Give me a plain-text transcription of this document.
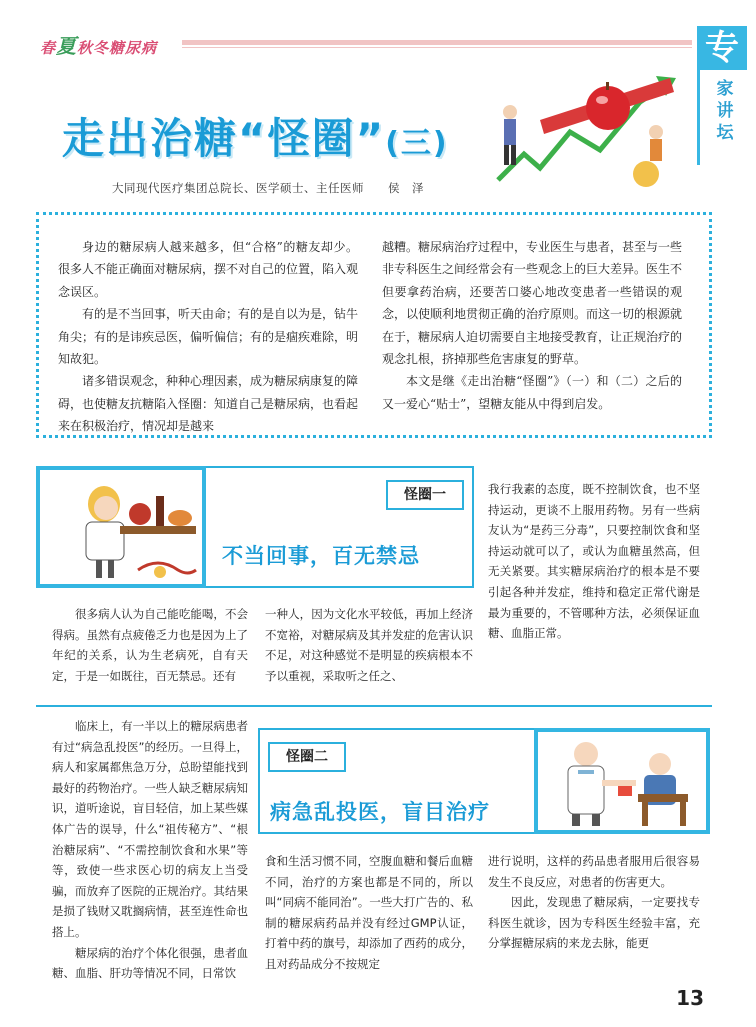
春夏秋冬糖尿病	专
家讲坛
走出治糖“怪圈”(三)
大同现代医疗集团总院长、医学硕士、主任医师　　侯　泽

身边的糖尿病人越来越多，但“合格”的糖友却少。很多人不能正确面对糖尿病，摆不对自己的位置，陷入观念误区。

有的是不当回事，听天由命；有的是自以为是，钻牛角尖；有的是讳疾忌医，偏听偏信；有的是痼疾难除，明知故犯。

诸多错误观念，种种心理因素，成为糖尿病康复的障碍，也使糖友抗糖陷入怪圈：知道自己是糖尿病，也看起来在积极治疗，情况却是越来

越糟。糖尿病治疗过程中，专业医生与患者，甚至与一些非专科医生之间经常会有一些观念上的巨大差异。医生不但要拿药治病，还要苦口婆心地改变患者一些错误的观念，以使顺利地贯彻正确的治疗原则。而这一切的根源就在于，糖尿病人迫切需要自主地接受教育，让正规治疗的观念扎根，挤掉那些危害康复的野草。

本文是继《走出治糖“怪圈”》（一）和（二）之后的又一爱心“贴士”，望糖友能从中得到启发。

怪圈一
不当回事，百无禁忌

很多病人认为自己能吃能喝，不会得病。虽然有点疲倦乏力也是因为上了年纪的关系，认为生老病死，自有天定，于是一如既往，百无禁忌。还有

一种人，因为文化水平较低，再加上经济不宽裕，对糖尿病及其并发症的危害认识不足，对这种感觉不是明显的疾病根本不予以重视，采取听之任之、

我行我素的态度，既不控制饮食，也不坚持运动，更谈不上服用药物。另有一些病友认为“是药三分毒”，只要控制饮食和坚持运动就可以了，或认为血糖虽然高，但无关紧要。其实糖尿病治疗的根本是不要引起各种并发症，维持和稳定正常代谢是最为重要的，不管哪种方法，必须保证血糖、血脂正常。

怪圈二
病急乱投医，盲目治疗

临床上，有一半以上的糖尿病患者有过“病急乱投医”的经历。一旦得上，病人和家属都焦急万分，总盼望能找到最好的药物治疗。一些人缺乏糖尿病知识，道听途说，盲目轻信，加上某些媒体广告的误导，什么“祖传秘方”、“根治糖尿病”、“不需控制饮食和水果”等等，致使一些求医心切的病友上当受骗，而放弃了医院的正规治疗。其结果是损了钱财又耽搁病情，甚至连性命也搭上。

糖尿病的治疗个体化很强，患者血糖、血脂、肝功等情况不同，日常饮

食和生活习惯不同，空腹血糖和餐后血糖不同，治疗的方案也都是不同的，所以叫“同病不能同治”。一些大打广告的、私制的糖尿病药品并没有经过GMP认证，打着中药的旗号，却添加了西药的成分，且对药品成分不按规定

进行说明，这样的药品患者服用后很容易发生不良反应，对患者的伤害更大。

因此，发现患了糖尿病，一定要找专科医生就诊，因为专科医生经验丰富，充分掌握糖尿病的来龙去脉，能更

13
